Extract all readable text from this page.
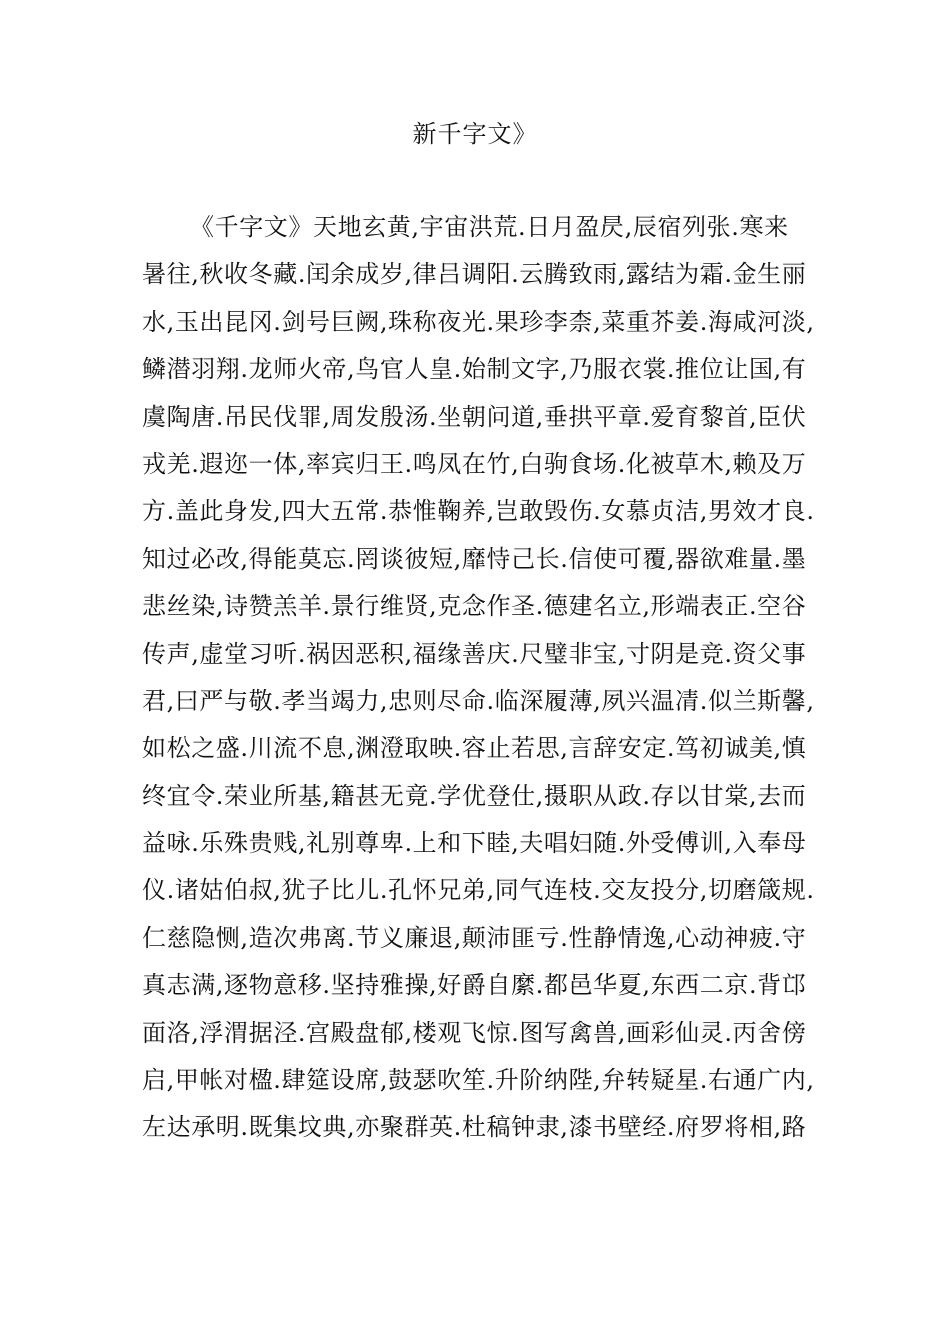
新千字文》
《千字文》天地玄黄,宇宙洪荒.日月盈昃,辰宿列张.寒来
暑往,秋收冬藏.闰余成岁,律吕调阳.云腾致雨,露结为霜.金生丽
水,玉出昆冈.剑号巨阙,珠称夜光.果珍李柰,菜重芥姜.海咸河淡,
鳞潜羽翔.龙师火帝,鸟官人皇.始制文字,乃服衣裳.推位让国,有
虞陶唐.吊民伐罪,周发殷汤.坐朝问道,垂拱平章.爱育黎首,臣伏
戎羌.遐迩一体,率宾归王.鸣凤在竹,白驹食场.化被草木,赖及万
方.盖此身发,四大五常.恭惟鞠养,岂敢毁伤.女慕贞洁,男效才良.
知过必改,得能莫忘.罔谈彼短,靡恃己长.信使可覆,器欲难量.墨
悲丝染,诗赞羔羊.景行维贤,克念作圣.德建名立,形端表正.空谷
传声,虚堂习听.祸因恶积,福缘善庆.尺璧非宝,寸阴是竞.资父事
君,曰严与敬.孝当竭力,忠则尽命.临深履薄,夙兴温凊.似兰斯馨,
如松之盛.川流不息,渊澄取映.容止若思,言辞安定.笃初诚美,慎
终宜令.荣业所基,籍甚无竟.学优登仕,摄职从政.存以甘棠,去而
益咏.乐殊贵贱,礼别尊卑.上和下睦,夫唱妇随.外受傅训,入奉母
仪.诸姑伯叔,犹子比儿.孔怀兄弟,同气连枝.交友投分,切磨箴规.
仁慈隐恻,造次弗离.节义廉退,颠沛匪亏.性静情逸,心动神疲.守
真志满,逐物意移.坚持雅操,好爵自縻.都邑华夏,东西二京.背邙
面洛,浮渭据泾.宫殿盘郁,楼观飞惊.图写禽兽,画彩仙灵.丙舍傍
启,甲帐对楹.肆筵设席,鼓瑟吹笙.升阶纳陛,弁转疑星.右通广内,
左达承明.既集坟典,亦聚群英.杜稿钟隶,漆书壁经.府罗将相,路
